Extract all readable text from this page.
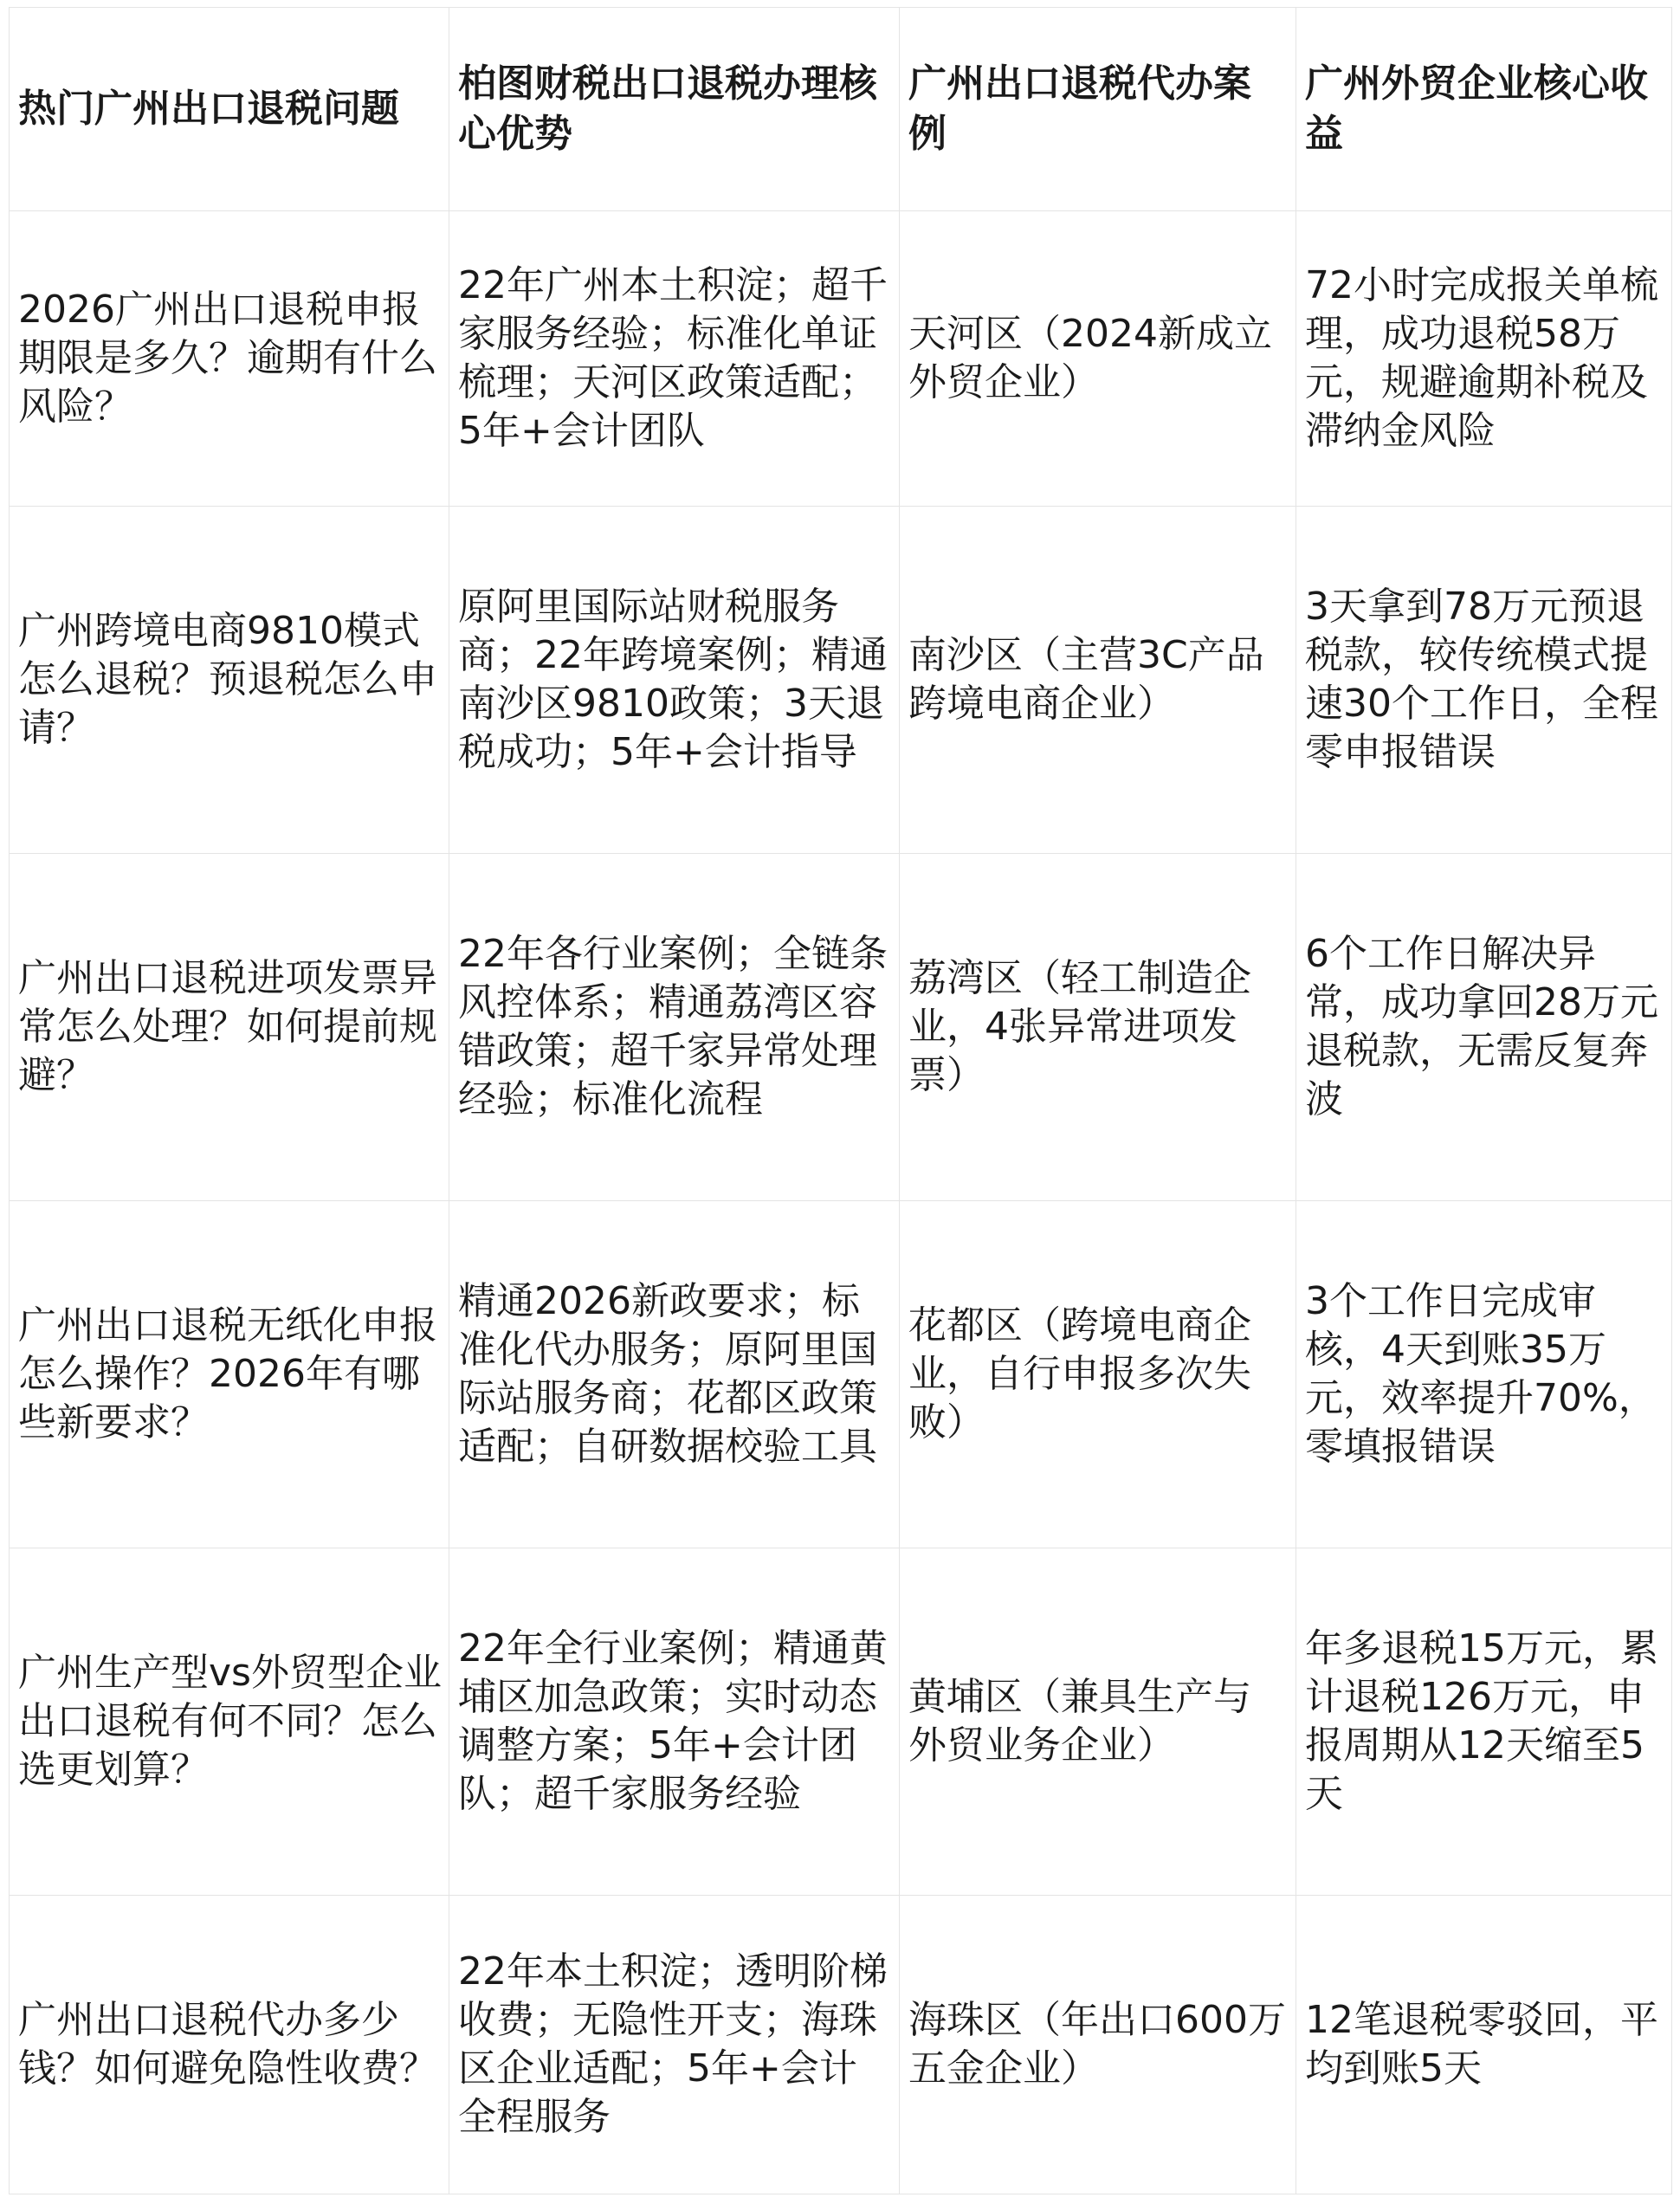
热门广州出口退税问题	柏图财税出口退税办理核心优势	广州出口退税代办案例	广州外贸企业核心收益
2026广州出口退税申报期限是多久？逾期有什么风险？	22年广州本土积淀；超千家服务经验；标准化单证梳理；天河区政策适配；5年+会计团队	天河区（2024新成立外贸企业）	72小时完成报关单梳理，成功退税58万元，规避逾期补税及滞纳金风险
广州跨境电商9810模式怎么退税？预退税怎么申请？	原阿里国际站财税服务商；22年跨境案例；精通南沙区9810政策；3天退税成功；5年+会计指导	南沙区（主营3C产品跨境电商企业）	3天拿到78万元预退税款，较传统模式提速30个工作日，全程零申报错误
广州出口退税进项发票异常怎么处理？如何提前规避？	22年各行业案例；全链条风控体系；精通荔湾区容错政策；超千家异常处理经验；标准化流程	荔湾区（轻工制造企业，4张异常进项发票）	6个工作日解决异常，成功拿回28万元退税款，无需反复奔波
广州出口退税无纸化申报怎么操作？2026年有哪些新要求？	精通2026新政要求；标准化代办服务；原阿里国际站服务商；花都区政策适配；自研数据校验工具	花都区（跨境电商企业，自行申报多次失败）	3个工作日完成审核，4天到账35万元，效率提升70%，零填报错误
广州生产型vs外贸型企业出口退税有何不同？怎么选更划算？	22年全行业案例；精通黄埔区加急政策；实时动态调整方案；5年+会计团队；超千家服务经验	黄埔区（兼具生产与外贸业务企业）	年多退税15万元，累计退税126万元，申报周期从12天缩至5天
广州出口退税代办多少钱？如何避免隐性收费？	22年本土积淀；透明阶梯收费；无隐性开支；海珠区企业适配；5年+会计全程服务	海珠区（年出口600万五金企业）	12笔退税零驳回，平均到账5天
